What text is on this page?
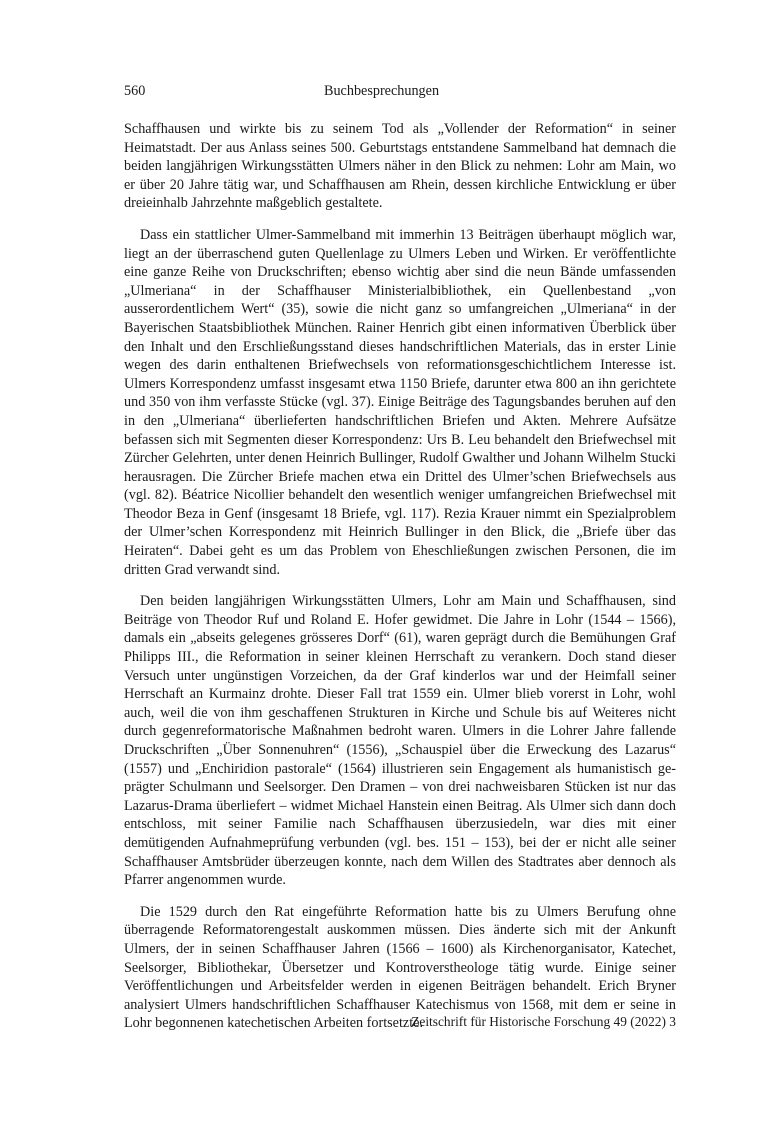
560	Buchbesprechungen

Schaffhausen und wirkte bis zu seinem Tod als „Vollender der Reformation“ in seiner Heimatstadt. Der aus Anlass seines 500. Geburtstags entstandene Sammelband hat demnach die beiden langjährigen Wirkungsstätten Ulmers näher in den Blick zu nehmen: Lohr am Main, wo er über 20 Jahre tätig war, und Schaffhausen am Rhein, dessen kirchliche Entwicklung er über dreieinhalb Jahrzehnte maßgeblich gestaltete.

Dass ein stattlicher Ulmer-Sammelband mit immerhin 13 Beiträgen überhaupt möglich war, liegt an der überraschend guten Quellenlage zu Ulmers Leben und Wirken. Er veröffentlichte eine ganze Reihe von Druckschriften; ebenso wichtig aber sind die neun Bände umfassenden „Ulmeriana“ in der Schaffhauser Ministerialbibliothek, ein Quellenbestand „von ausserordentlichem Wert“ (35), sowie die nicht ganz so umfangreichen „Ulmeriana“ in der Bayerischen Staatsbibliothek München. Rainer Henrich gibt einen informativen Überblick über den Inhalt und den Erschließungsstand dieses handschriftlichen Materials, das in erster Linie wegen des darin enthaltenen Briefwechsels von reformationsgeschichtlichem Interesse ist. Ulmers Korrespondenz umfasst insgesamt etwa 1150 Briefe, darunter etwa 800 an ihn gerichtete und 350 von ihm verfasste Stücke (vgl. 37). Einige Beiträge des Tagungsbandes beruhen auf den in den „Ulmeriana“ überlieferten handschriftlichen Briefen und Akten. Mehrere Aufsätze befassen sich mit Segmenten dieser Korrespondenz: Urs B. Leu behandelt den Briefwechsel mit Zürcher Gelehrten, unter denen Heinrich Bullinger, Rudolf Gwalther und Johann Wilhelm Stucki herausragen. Die Zürcher Briefe machen etwa ein Drittel des Ulmer’schen Briefwechsels aus (vgl. 82). Béatrice Nicollier behandelt den wesentlich weniger umfangreichen Briefwechsel mit Theodor Beza in Genf (insgesamt 18 Briefe, vgl. 117). Rezia Krauer nimmt ein Spezialproblem der Ulmer’schen Korrespondenz mit Heinrich Bullinger in den Blick, die „Briefe über das Heiraten“. Dabei geht es um das Problem von Eheschließungen zwischen Personen, die im dritten Grad verwandt sind.

Den beiden langjährigen Wirkungsstätten Ulmers, Lohr am Main und Schaffhausen, sind Beiträge von Theodor Ruf und Roland E. Hofer gewidmet. Die Jahre in Lohr (1544 – 1566), damals ein „abseits gelegenes grösseres Dorf“ (61), waren geprägt durch die Bemühungen Graf Philipps III., die Reformation in seiner kleinen Herrschaft zu verankern. Doch stand dieser Versuch unter ungünstigen Vorzeichen, da der Graf kinderlos war und der Heimfall seiner Herrschaft an Kurmainz drohte. Dieser Fall trat 1559 ein. Ulmer blieb vorerst in Lohr, wohl auch, weil die von ihm geschaffenen Strukturen in Kirche und Schule bis auf Weiteres nicht durch gegenreformatorische Maßnahmen bedroht waren. Ulmers in die Lohrer Jahre fallende Druckschriften „Über Sonnenuhren“ (1556), „Schauspiel über die Erweckung des Lazarus“ (1557) und „Enchiridion pastorale“ (1564) illustrieren sein Engagement als humanistisch geprägter Schulmann und Seelsorger. Den Dramen – von drei nachweisbaren Stücken ist nur das Lazarus-Drama überliefert – widmet Michael Hanstein einen Beitrag. Als Ulmer sich dann doch entschloss, mit seiner Familie nach Schaffhausen überzusiedeln, war dies mit einer demütigenden Aufnahmeprüfung verbunden (vgl. bes. 151 – 153), bei der er nicht alle seiner Schaffhauser Amtsbrüder überzeugen konnte, nach dem Willen des Stadtrates aber dennoch als Pfarrer angenommen wurde.

Die 1529 durch den Rat eingeführte Reformation hatte bis zu Ulmers Berufung ohne überragende Reformatorengestalt auskommen müssen. Dies änderte sich mit der Ankunft Ulmers, der in seinen Schaffhauser Jahren (1566 – 1600) als Kirchenorganisator, Katechet, Seelsorger, Bibliothekar, Übersetzer und Kontroverstheologe tätig wurde. Einige seiner Veröffentlichungen und Arbeitsfelder werden in eigenen Beiträgen behandelt. Erich Bryner analysiert Ulmers handschriftlichen Schaffhauser Katechismus von 1568, mit dem er seine in Lohr begonnenen katechetischen Arbeiten fortsetzte.

Zeitschrift für Historische Forschung 49 (2022) 3
